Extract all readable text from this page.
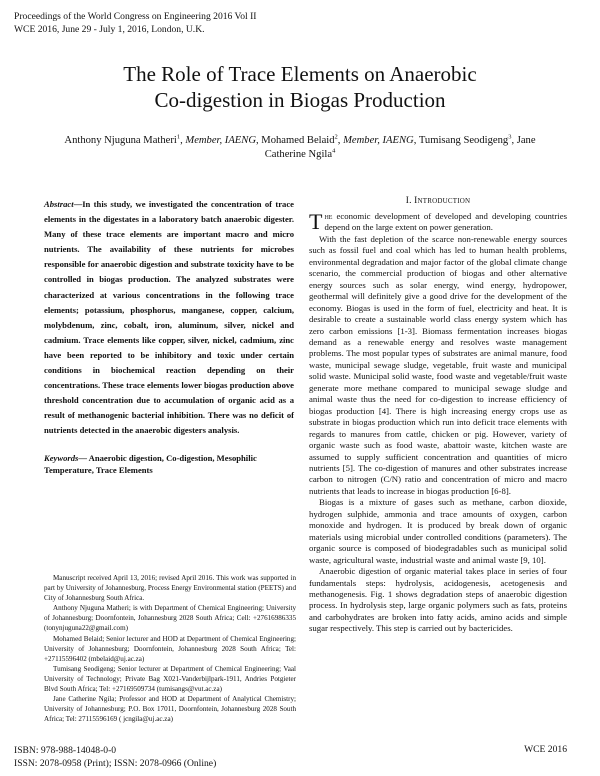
Proceedings of the World Congress on Engineering 2016 Vol II
WCE 2016, June 29 - July 1, 2016, London, U.K.
The Role of Trace Elements on Anaerobic
Co-digestion in Biogas Production
Anthony Njuguna Matheri$^1$, Member, IAENG, Mohamed Belaid$^2$, Member, IAENG, Tumisang Seodigeng$^3$, Jane Catherine Ngila$^4$
Abstract—In this study, we investigated the concentration of trace elements in the digestates in a laboratory batch anaerobic digester. Many of these trace elements are important macro and micro nutrients. The availability of these nutrients for microbes responsible for anaerobic digestion and substrate toxicity have to be controlled in biogas production. The analyzed substrates were characterized at various concentrations in the following trace elements; potassium, phosphorus, manganese, copper, calcium, molybdenum, zinc, cobalt, iron, aluminum, silver, nickel and cadmium. Trace elements like copper, silver, nickel, cadmium, zinc have been reported to be inhibitory and toxic under certain conditions in biochemical reaction depending on their concentrations. These trace elements lower biogas production above threshold concentration due to accumulation of organic acid as a result of methanogenic bacterial inhibition. There was no deficit of nutrients detected in the anaerobic digesters analysis.
Keywords— Anaerobic digestion, Co-digestion, Mesophilic Temperature, Trace Elements

Manuscript received April 13, 2016; revised April 2016. This work was supported in part by University of Johannesburg, Process Energy Environmental station (PEETS) and City of Johannesburg South Africa.

Anthony Njuguna Matheri; is with Department of Chemical Engineering; University of Johannesburg; Doornfontein, Johannesburg 2028 South Africa; Cell: +27616986335 (tonynjuguna22@gmail.com)

Mohamed Belaid; Senior lecturer and HOD at Department of Chemical Engineering; University of Johannesburg; Doornfontein, Johannesburg 2028 South Africa; Tel: +27115596402 (mbelaid@uj.ac.za)

Tumisang Seodigeng; Senior lecturer at Department of Chemical Engineering; Vaal University of Technology; Private Bag X021-Vanderbijlpark-1911, Andries Potgieter Blvd South Africa; Tel: +27169509734 (tumisangs@vut.ac.za)

Jane Catherine Ngila; Professor and HOD at Department of Analytical Chemistry; University of Johannesburg; P.O. Box 17011, Doornfontein, Johannesburg 2028 South Africa; Tel: 27115596169 ( jcngila@uj.ac.za)

I. Introduction

The economic development of developed and developing countries depend on the large extent on power generation.

With the fast depletion of the scarce non-renewable energy sources such as fossil fuel and coal which has led to human health problems, environmental degradation and major factor of the global climate change scenario, the commercial production of biogas and other alternative energy sources such as solar energy, wind energy, hydropower, geothermal will definitely give a good drive for the development of the economy. Biogas is used in the form of fuel, electricity and heat. It is desirable to create a sustainable world class energy system which has zero carbon emissions [1-3]. Biomass fermentation increases biogas demand as a renewable energy and resolves waste management problems. The most popular types of substrates are animal manure, food waste, municipal sewage sludge, vegetable, fruit waste and municipal solid waste. Municipal solid waste, food waste and vegetable/fruit waste generate more methane compared to municipal sewage sludge and animal waste thus the need for co-digestion to increase efficiency of biogas production [4]. There is high increasing energy crops use as substrate in biogas production which run into deficit trace elements with regards to manures from cattle, chicken or pig. However, variety of organic waste such as food waste, abattoir waste, kitchen waste are assumed to supply sufficient concentration and quantities of micro nutrients [5]. The co-digestion of manures and other substrates increase carbon to nitrogen (C/N) ratio and concentration of micro and macro nutrients that leads to increase in biogas production [6-8].

Biogas is a mixture of gases such as methane, carbon dioxide, hydrogen sulphide, ammonia and trace amounts of oxygen, carbon monoxide and hydrogen. It is produced by break down of organic materials using microbial under controlled conditions (parameters). The organic source is composed of biodegradables such as municipal solid waste, agricultural waste, industrial waste and animal waste [9, 10].

Anaerobic digestion of organic material takes place in series of four fundamentals steps: hydrolysis, acidogenesis, acetogenesis and methanogenesis. Fig. 1 shows degradation steps of anaerobic digestion process. In hydrolysis step, large organic polymers such as fats, proteins and carbohydrates are broken into fatty acids, amino acids and simple sugar respectively. This step is carried out by bactericides.

ISBN: 978-988-14048-0-0
ISSN: 2078-0958 (Print); ISSN: 2078-0966 (Online)
WCE 2016
